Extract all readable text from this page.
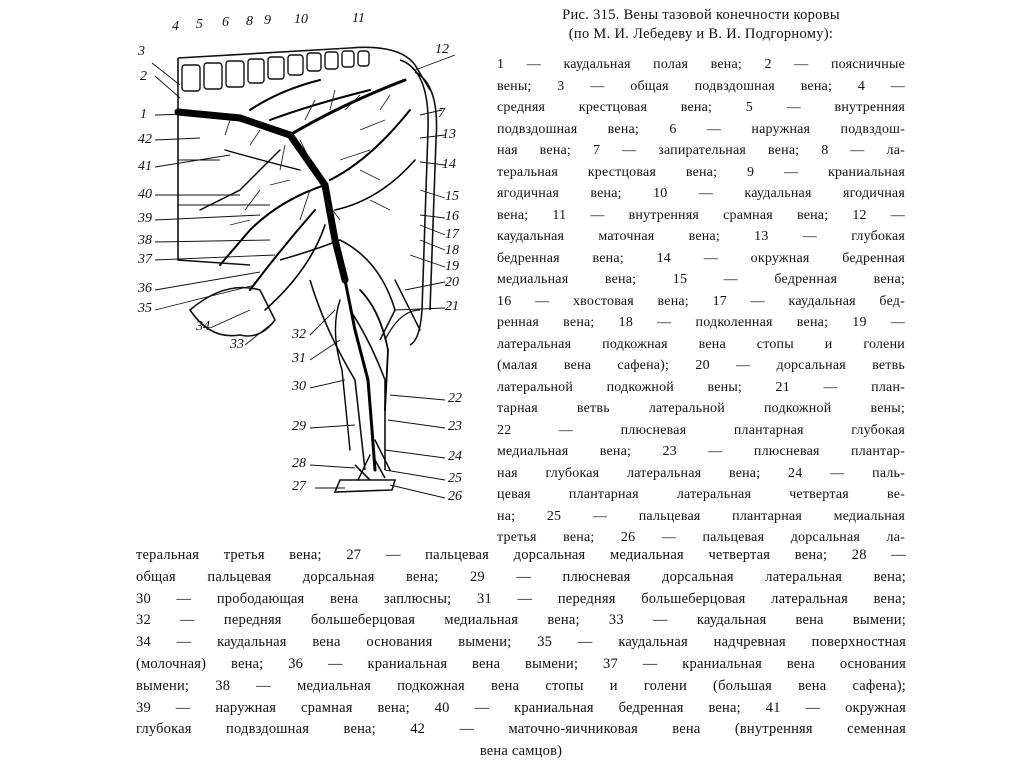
1
2
3
4 5 6
7
8 9 10	11
12
13
14
15
16
17
18
19
20
21
22
23
24
25
26
27
28
29
30
31
32
33
34
35
36
37
38
39
40
41
42
Рис. 315. Вены тазовой конечности коровы
(по М. И. Лебедеву и В. И. Подгорному):
1 — каудальная полая вена; 2 — поясничные
вены; 3 — общая подвздошная вена; 4 —
средняя крестцовая вена; 5 — внутренняя
подвздошная вена; 6 — наружная подвздош-
ная вена; 7 — запирательная вена; 8 — ла-
теральная крестцовая вена; 9 — краниальная
ягодичная вена; 10 — каудальная ягодичная
вена; 11 — внутренняя срамная вена; 12 —
каудальная маточная вена; 13 — глубокая
бедренная вена; 14 — окружная бедренная
медиальная вена; 15 — бедренная вена;
16 — хвостовая вена; 17 — каудальная бед-
ренная вена; 18 — подколенная вена; 19 —
латеральная подкожная вена стопы и голени
(малая вена сафена); 20 — дорсальная ветвь
латеральной подкожной вены; 21 — план-
тарная ветвь латеральной подкожной вены;
22 — плюсневая плантарная глубокая
медиальная вена; 23 — плюсневая плантар-
ная глубокая латеральная вена; 24 — паль-
цевая плантарная латеральная четвертая ве-
на; 25 — пальцевая плантарная медиальная
третья вена; 26 — пальцевая дорсальная ла-
теральная третья вена; 27 — пальцевая дорсальная медиальная четвертая вена; 28 —
общая пальцевая дорсальная вена; 29 — плюсневая дорсальная латеральная вена;
30 — прободающая вена заплюсны; 31 — передняя большеберцовая латеральная вена;
32 — передняя большеберцовая медиальная вена; 33 — каудальная вена вымени;
34 — каудальная вена основания вымени; 35 — каудальная надчревная поверхностная
(молочная) вена; 36 — краниальная вена вымени; 37 — краниальная вена основания
вымени; 38 — медиальная подкожная вена стопы и голени (большая вена сафена);
39 — наружная срамная вена; 40 — краниальная бедренная вена; 41 — окружная
глубокая подвздошная вена; 42 — маточно-яичниковая вена (внутренняя семенная
вена самцов)
